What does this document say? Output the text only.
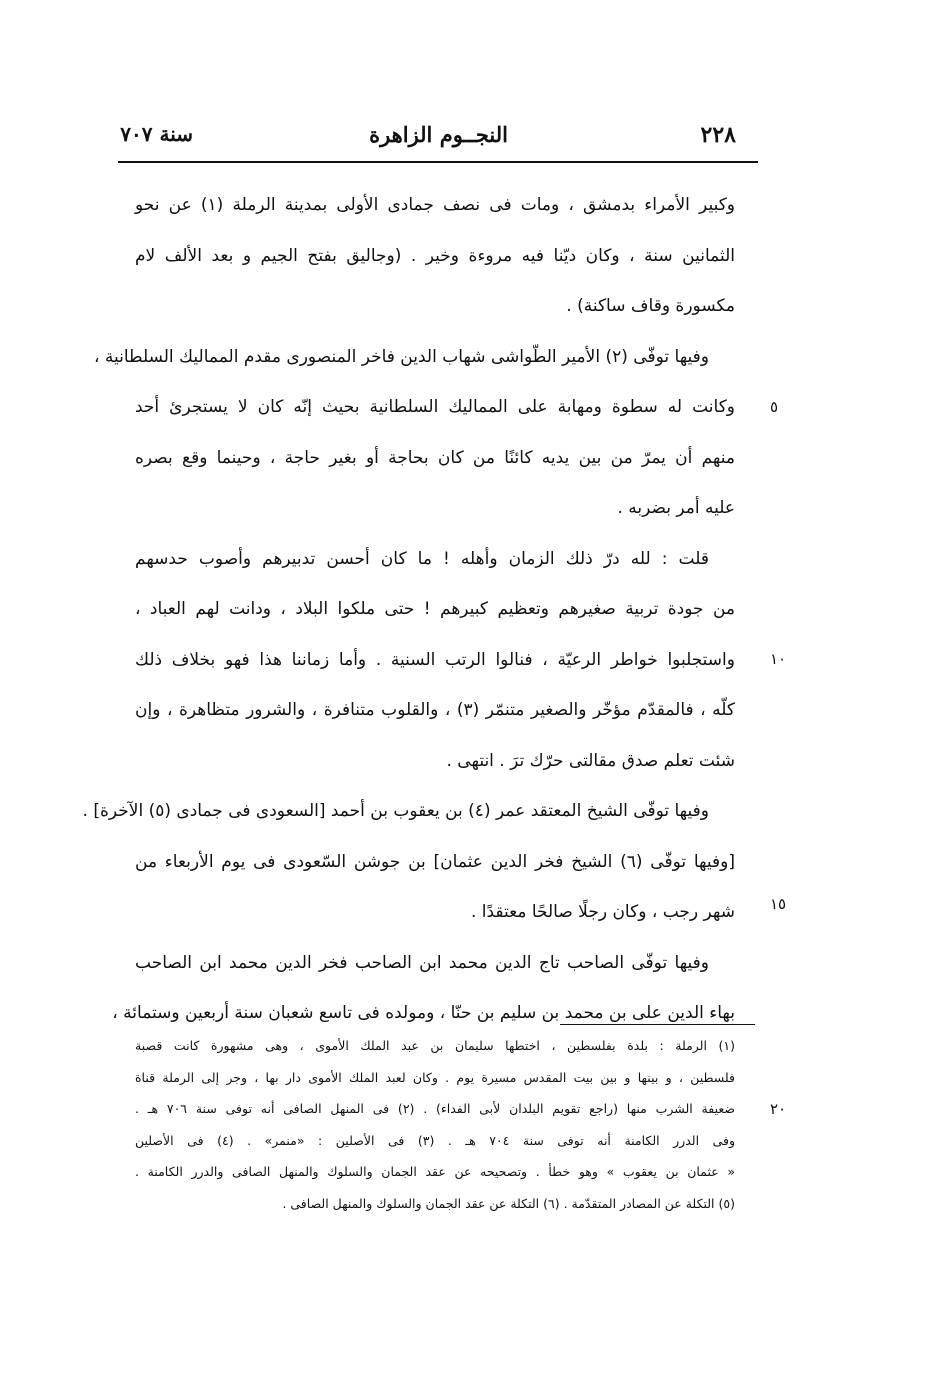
٢٢٨
النجــوم الزاهرة
سنة ٧٠٧
وكبير الأمراء بدمشق ، ومات فى نصف جمادى الأولى بمدينة الرملة (١) عن نحو
الثمانين سنة ، وكان ديّنا فيه مروءة وخير . (وجاليق بفتح الجيم و بعد الألف لام
مكسورة وقاف ساكنة) .
وفيها توفّى (٢) الأمير الطّواشى شهاب الدين فاخر المنصورى مقدم المماليك السلطانية ،
وكانت له سطوة ومهابة على المماليك السلطانية بحيث إنّه كان لا يستجرئ أحد
منهم أن يمرّ من بين يديه كائنًا من كان بحاجة أو بغير حاجة ، وحينما وقع بصره
عليه أمر بضربه .
قلت : لله درّ ذلك الزمان وأهله ! ما كان أحسن تدبيرهم وأصوب حدسهم
من جودة تربية صغيرهم وتعظيم كبيرهم ! حتى ملكوا البلاد ، ودانت لهم العباد ،
واستجلبوا خواطر الرعيّة ، فنالوا الرتب السنية . وأما زماننا هذا فهو بخلاف ذلك
كلّه ، فالمقدّم مؤخّر والصغير متنمّر (٣) ، والقلوب متنافرة ، والشرور متظاهرة ، وإن
شئت تعلم صدق مقالتى حرّك ترَ . انتهى .
وفيها توفّى الشيخ المعتقد عمر (٤) بن يعقوب بن أحمد [السعودى فى جمادى (٥) الآخرة] .
[وفيها توفّى (٦) الشيخ فخر الدين عثمان] بن جوشن السّعودى فى يوم الأربعاء من
شهر رجب ، وكان رجلًا صالحًا معتقدًا .
وفيها توفّى الصاحب تاج الدين محمد ابن الصاحب فخر الدين محمد ابن الصاحب
بهاء الدين على بن محمد بن سليم بن حنّا ، ومولده فى تاسع شعبان سنة أربعين وستمائة ،
٥
١٠
١٥
٢٠
(١) الرملة : بلدة بفلسطين ، اختطها سليمان بن عبد الملك الأموى ، وهى مشهورة كانت قصبة
فلسطين ، و بينها و بين بيت المقدس مسيرة يوم . وكان لعبد الملك الأموى دار بها ، وجر إلى الرملة قناة
ضعيفة الشرب منها (راجع تقويم البلدان لأبى الفداء) . (٢) فى المنهل الصافى أنه توفى سنة ٧٠٦ هـ .
وفى الدرر الكامنة أنه توفى سنة ٧٠٤ هـ . (٣) فى الأصلين : «منمر» . (٤) فى الأصلين
« عثمان بن يعقوب » وهو خطأ . وتصحيحه عن عقد الجمان والسلوك والمنهل الصافى والدرر الكامنة .
(٥) التكلة عن المصادر المتقدّمة . (٦) التكلة عن عقد الجمان والسلوك والمنهل الصافى .
